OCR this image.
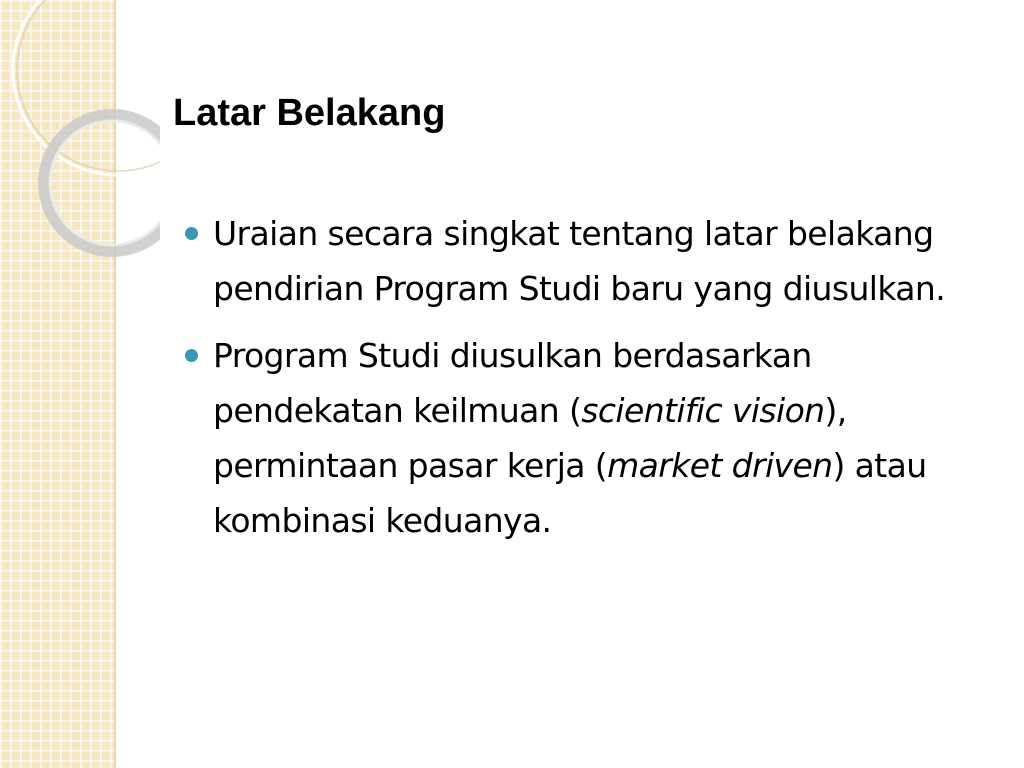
Latar Belakang
Uraian secara singkat tentang latar belakang pendirian Program Studi baru yang diusulkan.
Program Studi diusulkan berdasarkan pendekatan keilmuan (scientific vision), permintaan pasar kerja (market driven) atau kombinasi keduanya.
